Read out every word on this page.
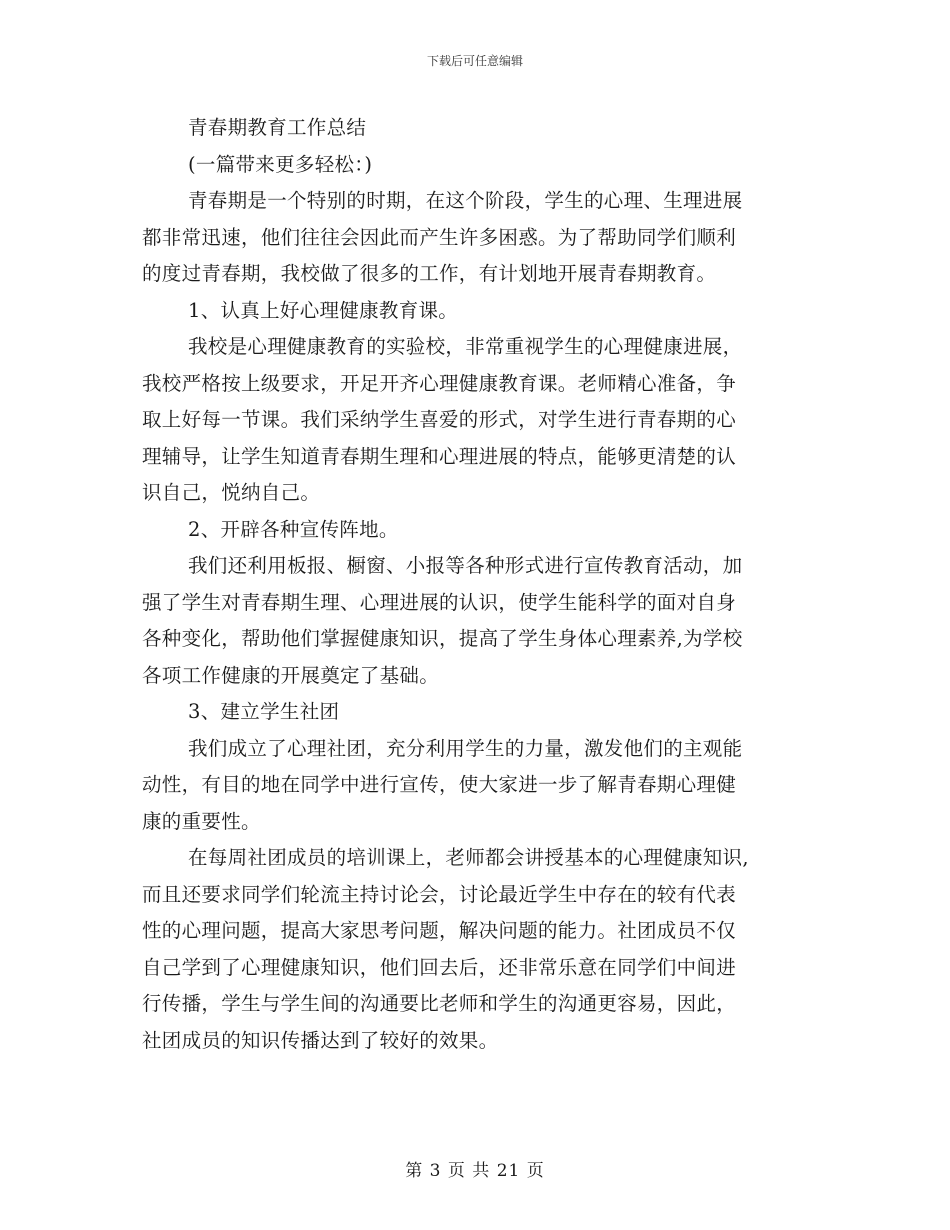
下载后可任意编辑
青春期教育工作总结
(一篇带来更多轻松：)
青春期是一个特别的时期，在这个阶段，学生的心理、生理进展
都非常迅速，他们往往会因此而产生许多困惑。为了帮助同学们顺利
的度过青春期，我校做了很多的工作，有计划地开展青春期教育。
1、认真上好心理健康教育课。
我校是心理健康教育的实验校，非常重视学生的心理健康进展，
我校严格按上级要求，开足开齐心理健康教育课。老师精心准备，争
取上好每一节课。我们采纳学生喜爱的形式，对学生进行青春期的心
理辅导，让学生知道青春期生理和心理进展的特点，能够更清楚的认
识自己，悦纳自己。
2、开辟各种宣传阵地。
我们还利用板报、橱窗、小报等各种形式进行宣传教育活动，加
强了学生对青春期生理、心理进展的认识，使学生能科学的面对自身
各种变化，帮助他们掌握健康知识，提高了学生身体心理素养,为学校
各项工作健康的开展奠定了基础。
3、建立学生社团
我们成立了心理社团，充分利用学生的力量，激发他们的主观能
动性，有目的地在同学中进行宣传，使大家进一步了解青春期心理健
康的重要性。
在每周社团成员的培训课上，老师都会讲授基本的心理健康知识,
而且还要求同学们轮流主持讨论会，讨论最近学生中存在的较有代表
性的心理问题，提高大家思考问题，解决问题的能力。社团成员不仅
自己学到了心理健康知识，他们回去后，还非常乐意在同学们中间进
行传播，学生与学生间的沟通要比老师和学生的沟通更容易，因此，
社团成员的知识传播达到了较好的效果。
第 3 页 共 21 页
